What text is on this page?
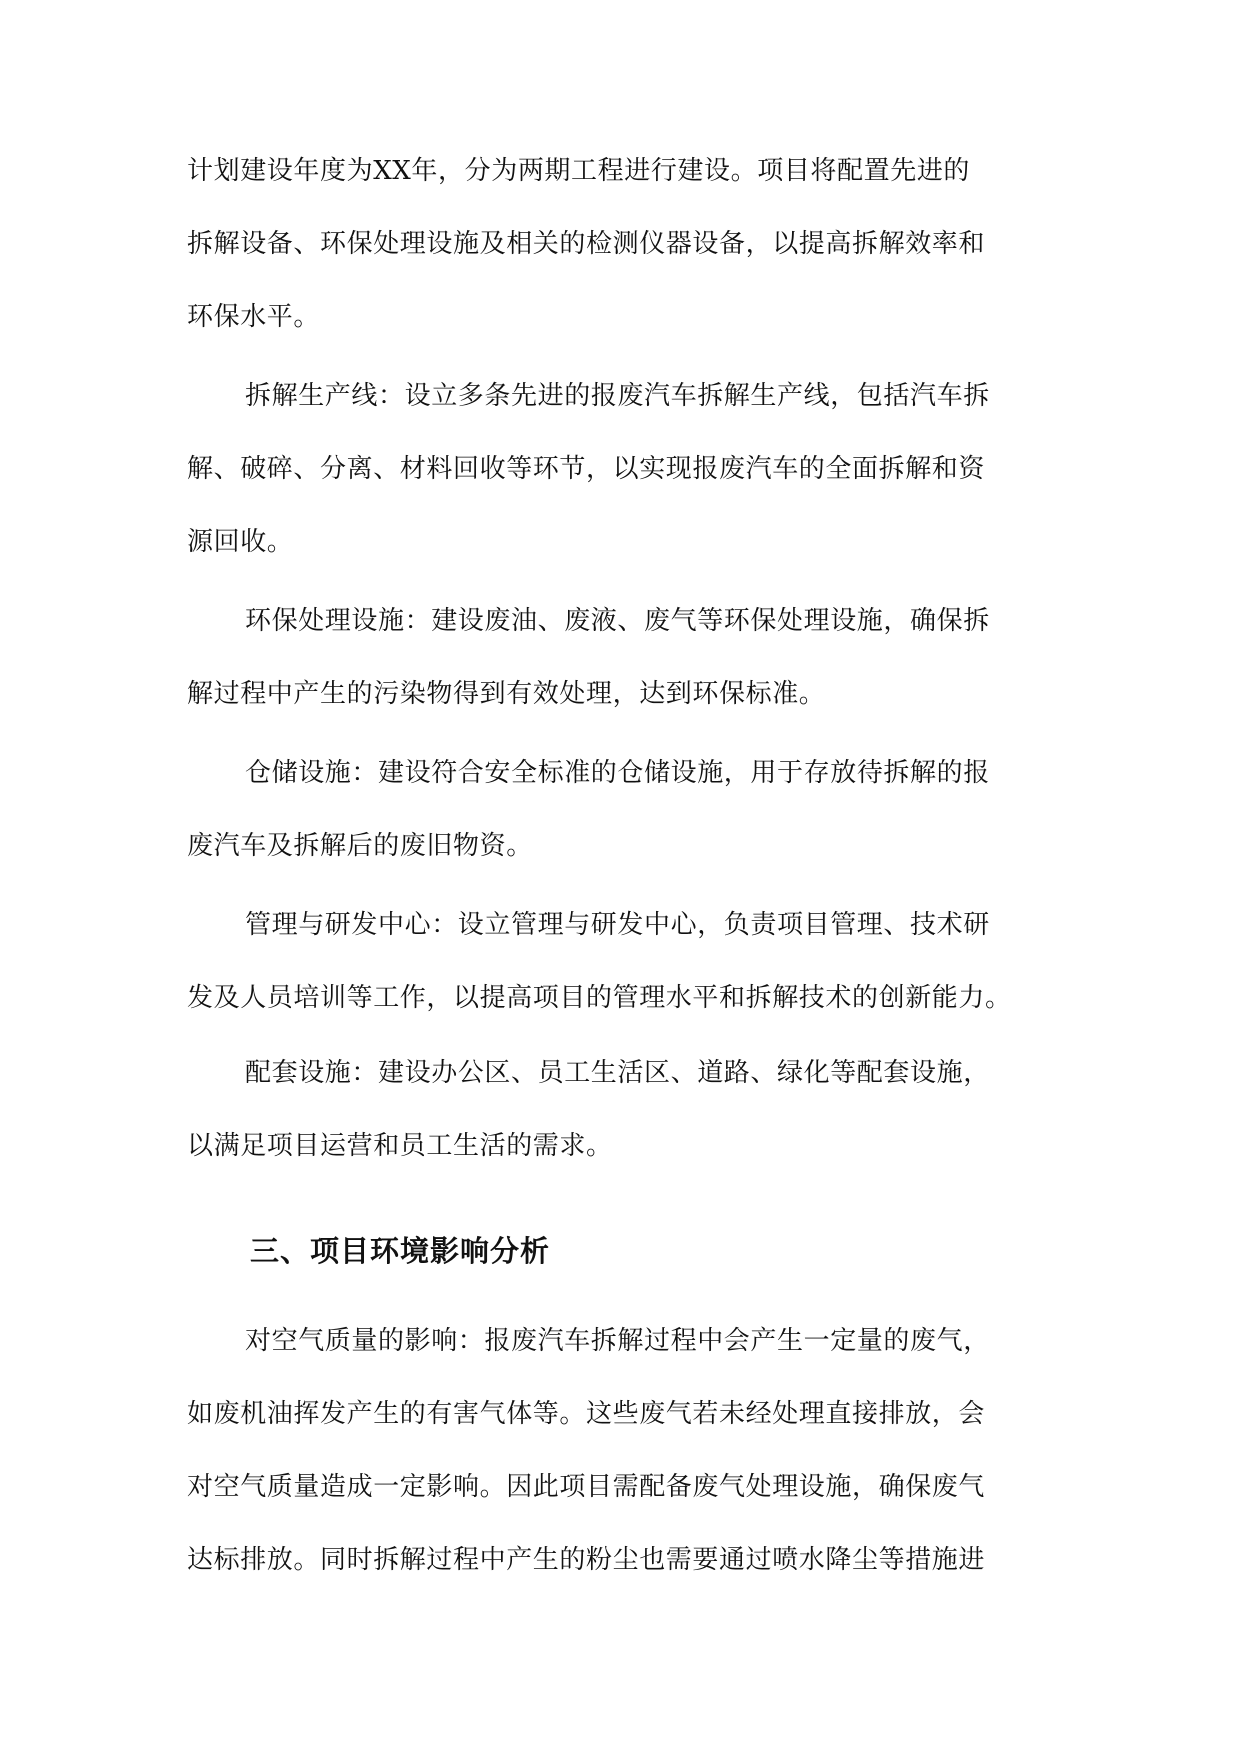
计划建设年度为XX年，分为两期工程进行建设。项目将配置先进的
拆解设备、环保处理设施及相关的检测仪器设备，以提高拆解效率和
环保水平。
拆解生产线：设立多条先进的报废汽车拆解生产线，包括汽车拆
解、破碎、分离、材料回收等环节，以实现报废汽车的全面拆解和资
源回收。
环保处理设施：建设废油、废液、废气等环保处理设施，确保拆
解过程中产生的污染物得到有效处理，达到环保标准。
仓储设施：建设符合安全标准的仓储设施，用于存放待拆解的报
废汽车及拆解后的废旧物资。
管理与研发中心：设立管理与研发中心，负责项目管理、技术研
发及人员培训等工作，以提高项目的管理水平和拆解技术的创新能力。
配套设施：建设办公区、员工生活区、道路、绿化等配套设施，
以满足项目运营和员工生活的需求。
三、项目环境影响分析
对空气质量的影响：报废汽车拆解过程中会产生一定量的废气，
如废机油挥发产生的有害气体等。这些废气若未经处理直接排放，会
对空气质量造成一定影响。因此项目需配备废气处理设施，确保废气
达标排放。同时拆解过程中产生的粉尘也需要通过喷水降尘等措施进
